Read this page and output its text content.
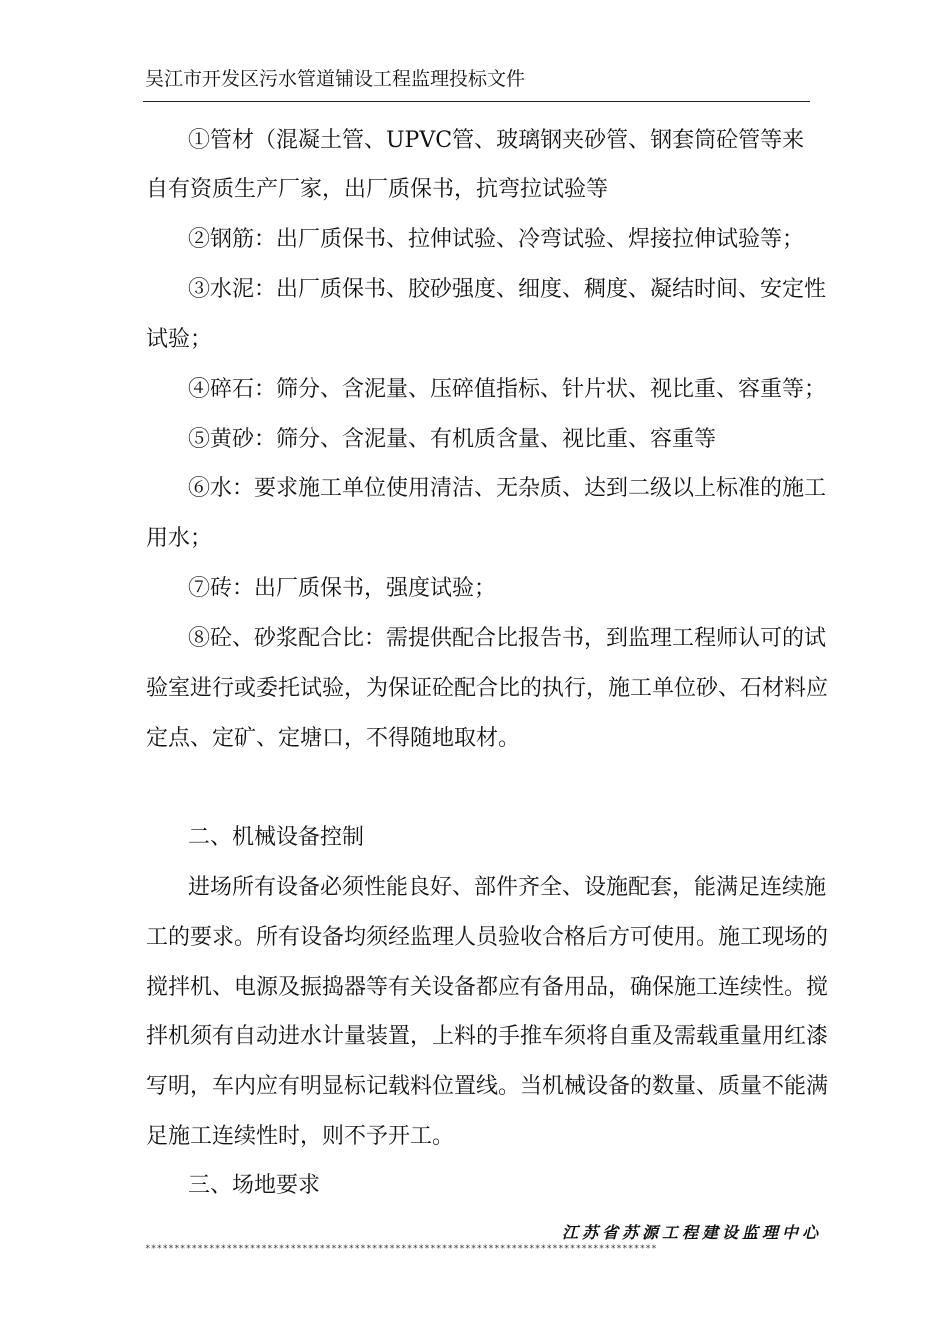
吴江市开发区污水管道铺设工程监理投标文件
①管材（混凝土管、UPVC管、玻璃钢夹砂管、钢套筒砼管等来
自有资质生产厂家，出厂质保书，抗弯拉试验等
②钢筋：出厂质保书、拉伸试验、冷弯试验、焊接拉伸试验等；
③水泥：出厂质保书、胶砂强度、细度、稠度、凝结时间、安定性
试验；
④碎石：筛分、含泥量、压碎值指标、针片状、视比重、容重等；
⑤黄砂：筛分、含泥量、有机质含量、视比重、容重等
⑥水：要求施工单位使用清洁、无杂质、达到二级以上标准的施工
用水；
⑦砖：出厂质保书，强度试验；
⑧砼、砂浆配合比：需提供配合比报告书，到监理工程师认可的试
验室进行或委托试验，为保证砼配合比的执行，施工单位砂、石材料应
定点、定矿、定塘口，不得随地取材。
二、机械设备控制
进场所有设备必须性能良好、部件齐全、设施配套，能满足连续施
工的要求。所有设备均须经监理人员验收合格后方可使用。施工现场的
搅拌机、电源及振捣器等有关设备都应有备用品，确保施工连续性。搅
拌机须有自动进水计量装置，上料的手推车须将自重及需载重量用红漆
写明，车内应有明显标记载料位置线。当机械设备的数量、质量不能满
足施工连续性时，则不予开工。
三、场地要求
江苏省苏源工程建设监理中心
****************************************************************************************
